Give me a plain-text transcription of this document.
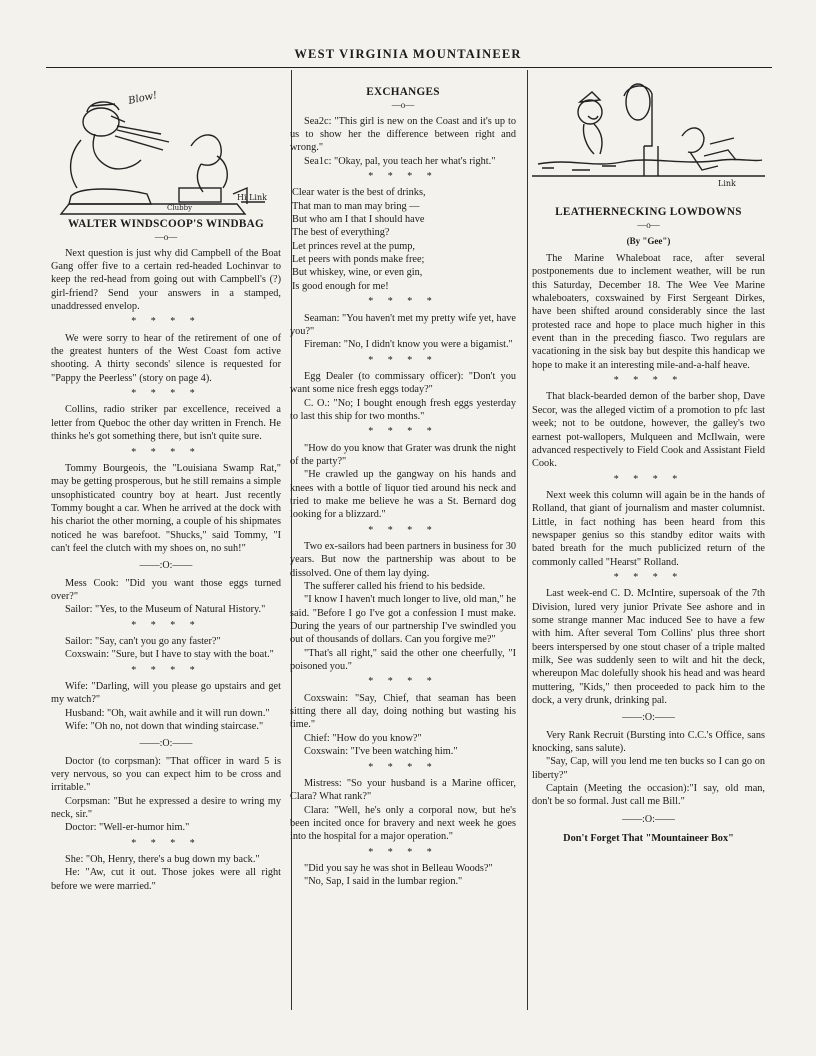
WEST VIRGINIA MOUNTAINEER
Blow!
Clubby
Hi Link
WALTER WINDSCOOP'S WINDBAG
—o—

Next question is just why did Campbell of the Boat Gang offer five to a certain red-headed Lochinvar to keep the red-head from going out with Campbell's (?) girl-friend? Send your answers in a stamped, unaddressed envelop.

* * * *

We were sorry to hear of the retirement of one of the greatest hunters of the West Coast fom active shooting. A thirty seconds' silence is requested for "Pappy the Peerless" (story on page 4).

* * * *

Collins, radio striker par excellence, received a letter from Queboc the other day written in French. He thinks he's got something there, but isn't quite sure.

* * * *

Tommy Bourgeois, the "Louisiana Swamp Rat," may be getting prosperous, but he still remains a simple unsophisticated country boy at heart. Just recently Tommy bought a car. When he arrived at the dock with his chariot the other morning, a couple of his shipmates noticed he was barefoot. "Shucks," said Tommy, "I can't feel the clutch with my shoes on, no suh!"

——:O:——

Mess Cook: "Did you want those eggs turned over?"

Sailor: "Yes, to the Museum of Natural History."

* * * *

Sailor: "Say, can't you go any faster?"

Coxswain: "Sure, but I have to stay with the boat."

* * * *

Wife: "Darling, will you please go upstairs and get my watch?"

Husband: "Oh, wait awhile and it will run down."

Wife: "Oh no, not down that winding staircase."

——:O:——

Doctor (to corpsman): "That officer in ward 5 is very nervous, so you can expect him to be cross and irritable."

Corpsman: "But he expressed a desire to wring my neck, sir."

Doctor: "Well-er-humor him."

* * * *

She: "Oh, Henry, there's a bug down my back."

He: "Aw, cut it out. Those jokes were all right before we were married."

EXCHANGES
—o—

Sea2c: "This girl is new on the Coast and it's up to us to show her the difference between right and wrong."

Sea1c: "Okay, pal, you teach her what's right."

* * * *
Clear water is the best of drinks,
That man to man may bring —
But who am I that I should have
The best of everything?
Let princes revel at the pump,
Let peers with ponds make free;
But whiskey, wine, or even gin,
Is good enough for me!
* * * *

Seaman: "You haven't met my pretty wife yet, have you?"

Fireman: "No, I didn't know you were a bigamist."

* * * *

Egg Dealer (to commissary officer): "Don't you want some nice fresh eggs today?"

C. O.: "No; I bought enough fresh eggs yesterday to last this ship for two months."

* * * *

"How do you know that Grater was drunk the night of the party?"

"He crawled up the gangway on his hands and knees with a bottle of liquor tied around his neck and tried to make me believe he was a St. Bernard dog looking for a blizzard."

* * * *

Two ex-sailors had been partners in business for 30 years. But now the partnership was about to be dissolved. One of them lay dying.

The sufferer called his friend to his bedside.

"I know I haven't much longer to live, old man," he said. "Before I go I've got a confession I must make. During the years of our partnership I've swindled you out of thousands of dollars. Can you forgive me?"

"That's all right," said the other one cheerfully, "I poisoned you."

* * * *

Coxswain: "Say, Chief, that seaman has been sitting there all day, doing nothing but wasting his time."

Chief: "How do you know?"

Coxswain: "I've been watching him."

* * * *

Mistress: "So your husband is a Marine officer, Clara? What rank?"

Clara: "Well, he's only a corporal now, but he's been incited once for bravery and next week he goes into the hospital for a major operation."

* * * *

"Did you say he was shot in Belleau Woods?"

"No, Sap, I said in the lumbar region."

Link
LEATHERNECKING LOWDOWNS
—o—
(By "Gee")

The Marine Whaleboat race, after several postponements due to inclement weather, will be run this Saturday, December 18. The Wee Vee Marine whaleboaters, coxswained by First Sergeant Dirkes, have been shifted around considerably since the last protested race and hope to place much higher in this event than in the preceding fiasco. Two regulars are vacationing in the sisk bay but despite this handicap we hope to make it an interesting mile-and-a-half heave.

* * * *

That black-bearded demon of the barber shop, Dave Secor, was the alleged victim of a promotion to pfc last week; not to be outdone, however, the galley's two earnest pot-wallopers, Mulqueen and McIlwain, were advanced respectively to Field Cook and Assistant Field Cook.

* * * *

Next week this column will again be in the hands of Rolland, that giant of journalism and master columnist. Little, in fact nothing has been heard from this newspaper genius so this standby editor waits with bated breath for the much publicized return of the commonly called "Hearst" Rolland.

* * * *

Last week-end C. D. McIntire, supersoak of the 7th Division, lured very junior Private See ashore and in some strange manner Mac induced See to have a few with him. After several Tom Collins' plus three short beers interspersed by one stout chaser of a triple malted milk, See was suddenly seen to wilt and hit the deck, whereupon Mac dolefully shook his head and was heard muttering, "Kids," then proceeded to pack him to the dock, a very drunk, drinking pal.

——:O:——

Very Rank Recruit (Bursting into C.C.'s Office, sans knocking, sans salute).

"Say, Cap, will you lend me ten bucks so I can go on liberty?"

Captain (Meeting the occasion):"I say, old man, don't be so formal. Just call me Bill."

——:O:——
Don't Forget That "Mountaineer Box"
